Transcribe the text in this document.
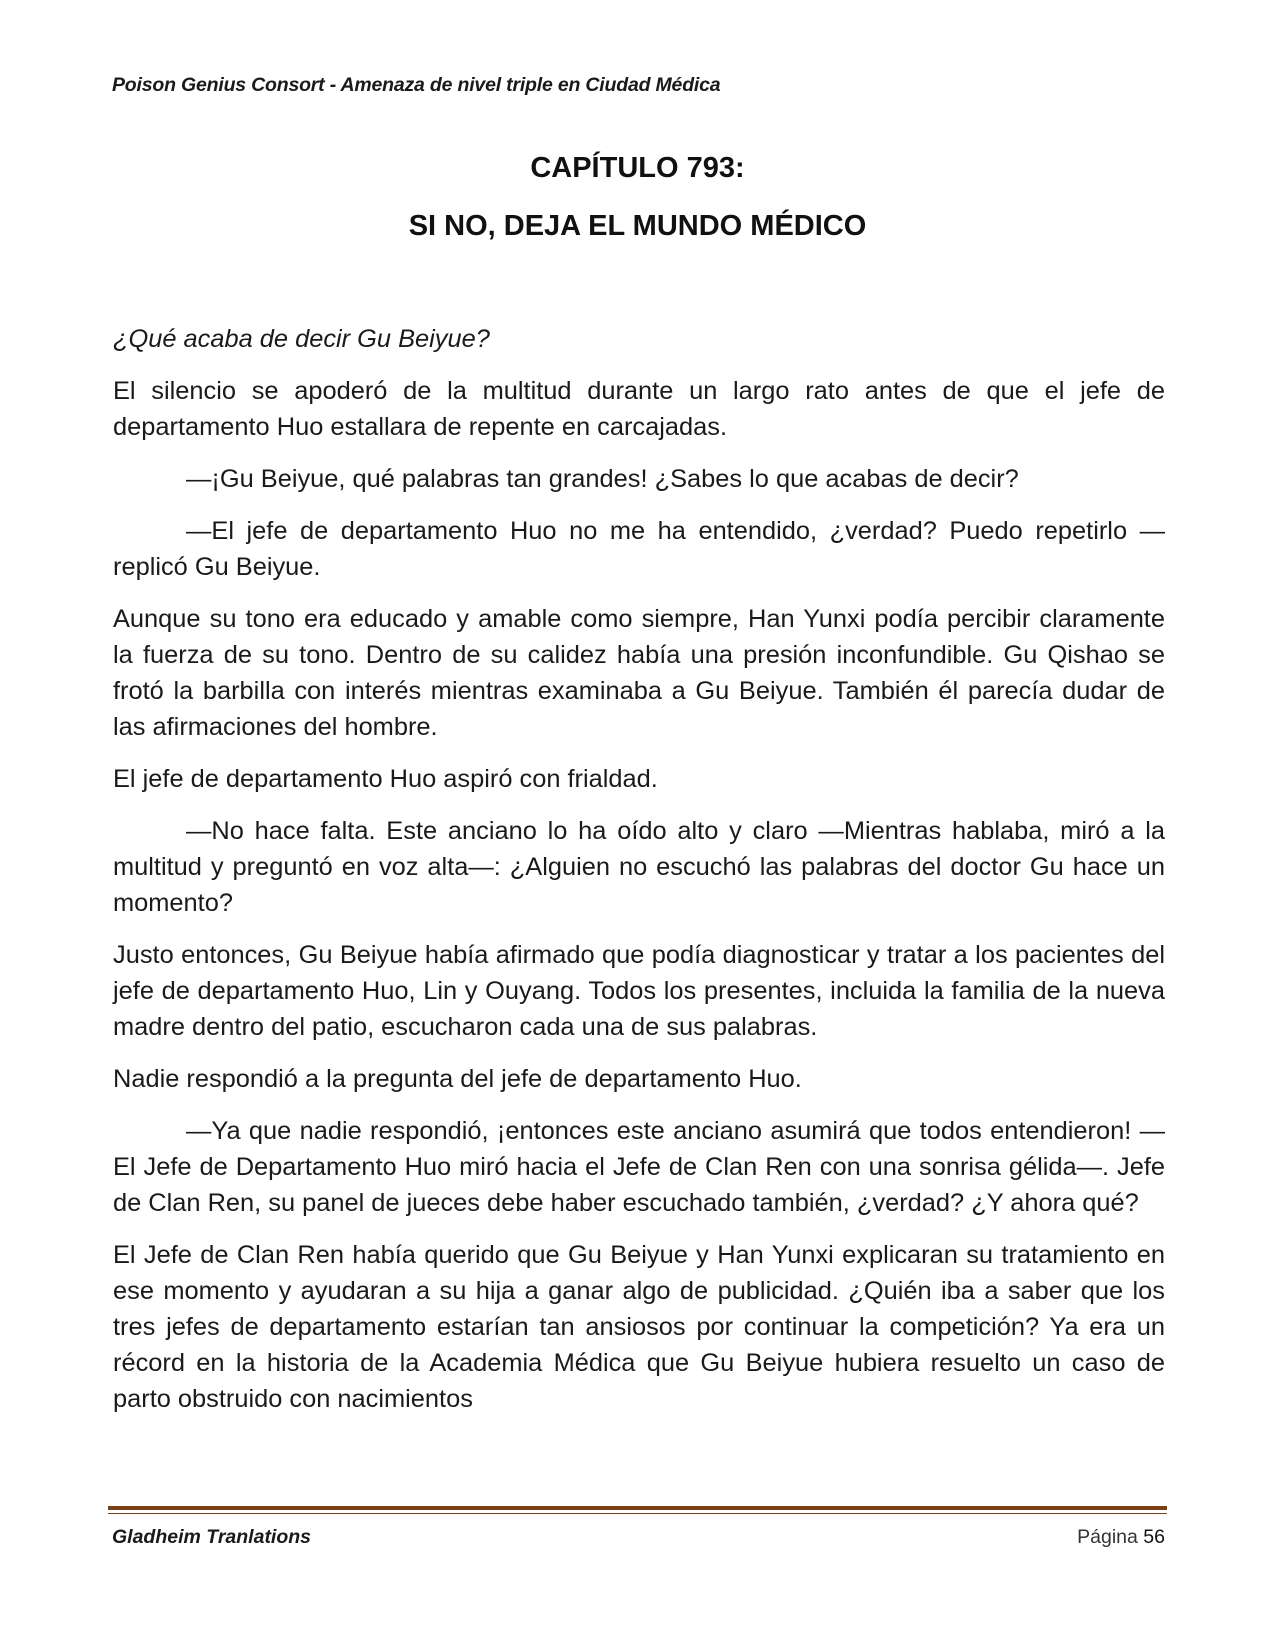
Poison Genius Consort - Amenaza de nivel triple en Ciudad Médica
CAPÍTULO 793:
SI NO, DEJA EL MUNDO MÉDICO

¿Qué acaba de decir Gu Beiyue?

El silencio se apoderó de la multitud durante un largo rato antes de que el jefe de departamento Huo estallara de repente en carcajadas.

—¡Gu Beiyue, qué palabras tan grandes! ¿Sabes lo que acabas de decir?

—El jefe de departamento Huo no me ha entendido, ¿verdad? Puedo repetirlo —replicó Gu Beiyue.

Aunque su tono era educado y amable como siempre, Han Yunxi podía percibir claramente la fuerza de su tono. Dentro de su calidez había una presión inconfundible. Gu Qishao se frotó la barbilla con interés mientras examinaba a Gu Beiyue. También él parecía dudar de las afirmaciones del hombre.

El jefe de departamento Huo aspiró con frialdad.

—No hace falta. Este anciano lo ha oído alto y claro —Mientras hablaba, miró a la multitud y preguntó en voz alta—: ¿Alguien no escuchó las palabras del doctor Gu hace un momento?

Justo entonces, Gu Beiyue había afirmado que podía diagnosticar y tratar a los pacientes del jefe de departamento Huo, Lin y Ouyang. Todos los presentes, incluida la familia de la nueva madre dentro del patio, escucharon cada una de sus palabras.

Nadie respondió a la pregunta del jefe de departamento Huo.

—Ya que nadie respondió, ¡entonces este anciano asumirá que todos entendieron! —El Jefe de Departamento Huo miró hacia el Jefe de Clan Ren con una sonrisa gélida—. Jefe de Clan Ren, su panel de jueces debe haber escuchado también, ¿verdad? ¿Y ahora qué?

El Jefe de Clan Ren había querido que Gu Beiyue y Han Yunxi explicaran su tratamiento en ese momento y ayudaran a su hija a ganar algo de publicidad. ¿Quién iba a saber que los tres jefes de departamento estarían tan ansiosos por continuar la competición? Ya era un récord en la historia de la Academia Médica que Gu Beiyue hubiera resuelto un caso de parto obstruido con nacimientos

Gladheim Tranlations	Página 56
